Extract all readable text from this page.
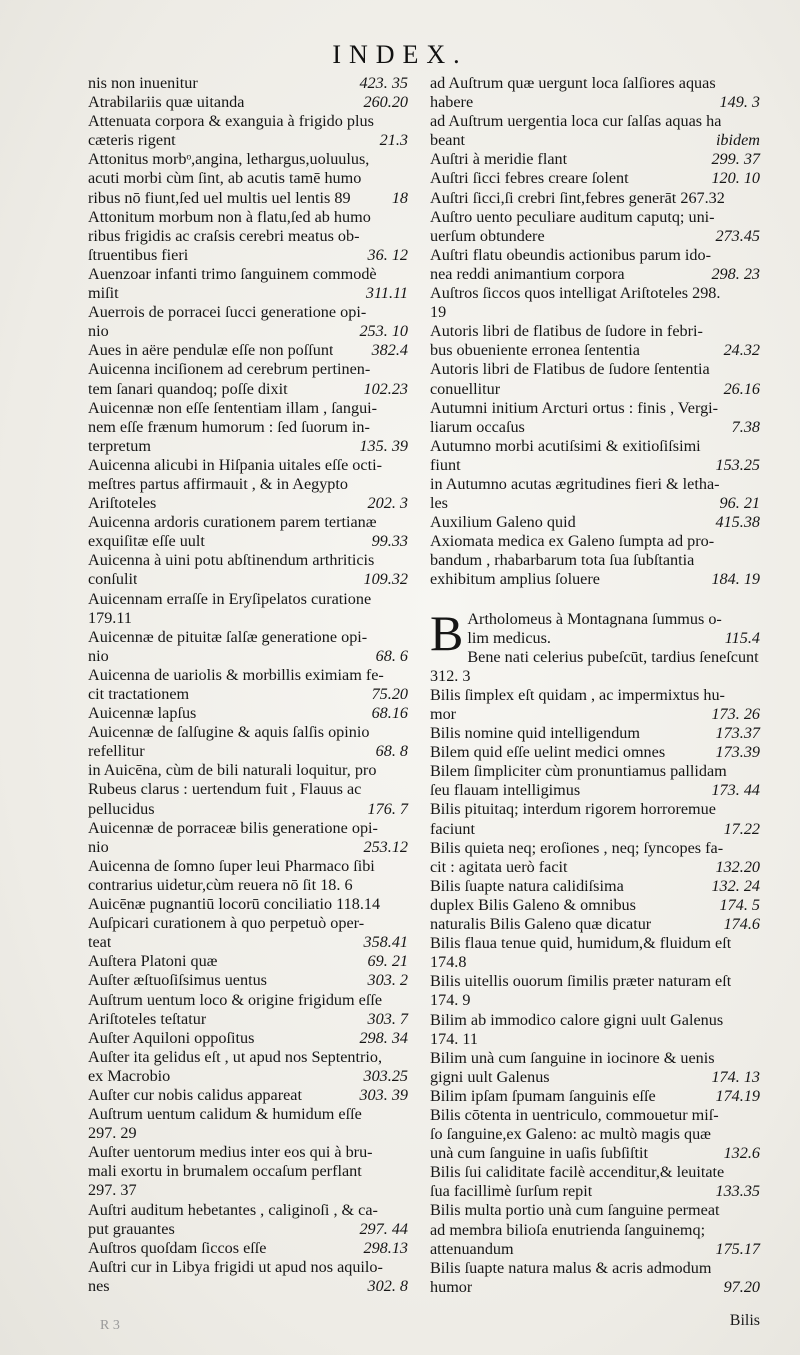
INDEX.
nis non inuenitur	423. 35
Atrabilariis quæ uitanda	260.20
Attenuata corpora & exanguia à frigido plus
cæteris rigent	21.3
Attonitus morbᵒ,angina, lethargus,uoluulus,
acuti morbi cùm ſint, ab acutis tamē humo
ribus nō fiunt,ſed uel multis uel lentis 89	18
Attonitum morbum non à flatu,ſed ab humo
ribus frigidis ac craſsis cerebri meatus ob-
ſtruentibus fieri	36. 12
Auenzoar infanti trimo ſanguinem commodè
miſit	311.11
Auerrois de porracei ſucci generatione opi-
nio	253. 10
Aues in aëre pendulæ eſſe non poſſunt	382.4
Auicenna inciſionem ad cerebrum pertinen-
tem ſanari quandoq; poſſe dixit	102.23
Auicennæ non eſſe ſententiam illam , ſangui-
nem eſſe frænum humorum : ſed ſuorum in-
terpretum	135. 39
Auicenna alicubi in Hiſpania uitales eſſe octi-
meſtres partus affirmauit , & in Aegypto
Ariſtoteles	202. 3
Auicenna ardoris curationem parem tertianæ
exquiſitæ eſſe uult	99.33
Auicenna à uini potu abſtinendum arthriticis
conſulit	109.32
Auicennam erraſſe in Eryſipelatos curatione
179.11
Auicennæ de pituitæ ſalſæ generatione opi-
nio	68. 6
Auicenna de uariolis & morbillis eximiam fe-
cit tractationem	75.20
Auicennæ lapſus	68.16
Auicennæ de ſalſugine & aquis ſalſis opinio
refellitur	68. 8
in Auicēna, cùm de bili naturali loquitur, pro
Rubeus clarus : uertendum fuit , Flauus ac
pellucidus	176. 7
Auicennæ de porraceæ bilis generatione opi-
nio	253.12
Auicenna de ſomno ſuper leui Pharmaco ſibi
contrarius uidetur,cùm reuera nō ſit 18. 6
Auicēnæ pugnantiū locorū conciliatio 118.14
Auſpicari curationem à quo perpetuò oper-
teat	358.41
Auſtera Platoni quæ	69. 21
Auſter æſtuoſiſsimus uentus	303. 2
Auſtrum uentum loco & origine frigidum eſſe
Ariſtoteles teſtatur	303. 7
Auſter Aquiloni oppoſitus	298. 34
Auſter ita gelidus eſt , ut apud nos Septentrio,
ex Macrobio	303.25
Auſter cur nobis calidus appareat	303. 39
Auſtrum uentum calidum & humidum eſſe
297. 29
Auſter uentorum medius inter eos qui à bru-
mali exortu in brumalem occaſum perflant
297. 37
Auſtri auditum hebetantes , caliginoſi , & ca-
put grauantes	297. 44
Auſtros quoſdam ſiccos eſſe	298.13
Auſtri cur in Libya frigidi ut apud nos aquilo-
nes	302. 8
ad Auſtrum quæ uergunt loca ſalſiores aquas
habere	149. 3
ad Auſtrum uergentia loca cur ſalſas aquas ha
beant	ibidem
Auſtri à meridie flant	299. 37
Auſtri ſicci febres creare ſolent	120. 10
Auſtri ſicci,ſi crebri ſint,febres generāt 267.32
Auſtro uento peculiare auditum caputq; uni-
uerſum obtundere	273.45
Auſtri flatu obeundis actionibus parum ido-
nea reddi animantium corpora	298. 23
Auſtros ſiccos quos intelligat Ariſtoteles 298.
19
Autoris libri de flatibus de ſudore in febri-
bus obueniente erronea ſententia	24.32
Autoris libri de Flatibus de ſudore ſententia
conuellitur	26.16
Autumni initium Arcturi ortus : finis , Vergi-
liarum occaſus	7.38
Autumno morbi acutiſsimi & exitioſiſsimi
fiunt	153.25
in Autumno acutas ægritudines fieri & letha-
les	96. 21
Auxilium Galeno quid	415.38
Axiomata medica ex Galeno ſumpta ad pro-
bandum , rhabarbarum tota ſua ſubſtantia
exhibitum amplius ſoluere	184. 19
B Artholomeus à Montagnana ſummus o-
lim medicus.	115.4
Bene nati celerius pubeſcūt, tardius ſeneſcunt
312. 3
Bilis ſimplex eſt quidam , ac impermixtus hu-
mor	173. 26
Bilis nomine quid intelligendum	173.37
Bilem quid eſſe uelint medici omnes	173.39
Bilem ſimpliciter cùm pronuntiamus pallidam
ſeu flauam intelligimus	173. 44
Bilis pituitaq; interdum rigorem horroremue
faciunt	17.22
Bilis quieta neq; eroſiones , neq; ſyncopes fa-
cit : agitata uerò facit	132.20
Bilis ſuapte natura calidiſsima	132. 24
duplex Bilis Galeno & omnibus	174. 5
naturalis Bilis Galeno quæ dicatur	174.6
Bilis flaua tenue quid, humidum,& fluidum eſt
174.8
Bilis uitellis ouorum ſimilis præter naturam eſt
174. 9
Bilim ab immodico calore gigni uult Galenus
174. 11
Bilim unà cum ſanguine in iocinore & uenis
gigni uult Galenus	174. 13
Bilim ipſam ſpumam ſanguinis eſſe	174.19
Bilis cōtenta in uentriculo, commouetur miſ-
ſo ſanguine,ex Galeno: ac multò magis quæ
unà cum ſanguine in uaſis ſubſiſtit	132.6
Bilis ſui caliditate facilè accenditur,& leuitate
ſua facillimè ſurſum repit	133.35
Bilis multa portio unà cum ſanguine permeat
ad membra bilioſa enutrienda ſanguinemq;
attenuandum	175.17
Bilis ſuapte natura malus & acris admodum
humor	97.20
R 3	Bilis
